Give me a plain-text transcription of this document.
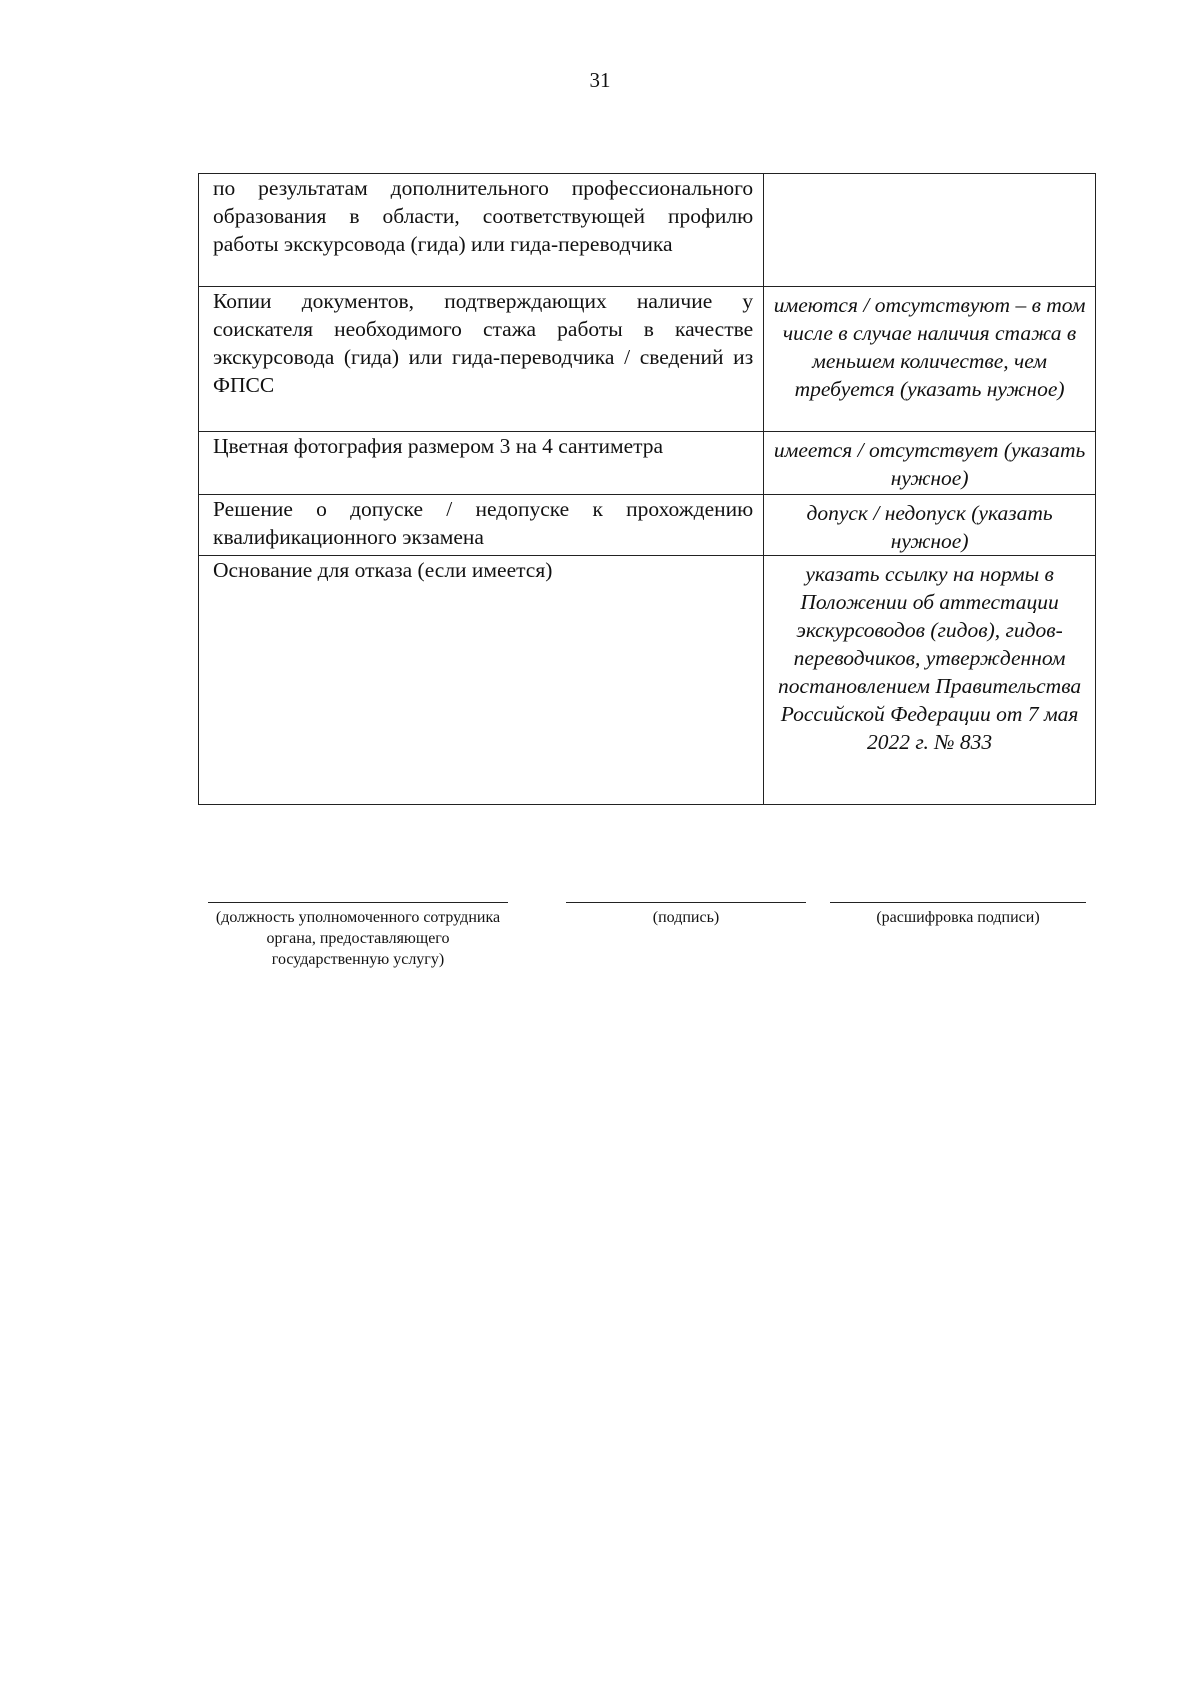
31
по результатам дополнительного профессионального образования в области, соответствующей профилю работы экскурсовода (гида) или гида-переводчика	
Копии документов, подтверждающих наличие у соискателя необходимого стажа работы в качестве экскурсовода (гида) или гида-переводчика / сведений из ФПСС	имеются / отсутствуют – в том числе в случае наличия стажа в меньшем количестве, чем требуется (указать нужное)
Цветная фотография размером 3 на 4 сантиметра	имеется / отсутствует (указать нужное)
Решение о допуске / недопуске к прохождению квалификационного экзамена	допуск / недопуск (указать нужное)
Основание для отказа (если имеется)	указать ссылку на нормы в Положении об аттестации экскурсоводов (гидов), гидов-переводчиков, утвержденном постановлением Правительства Российской Федерации от 7 мая 2022 г. № 833
(должность уполномоченного сотрудника органа, предоставляющего государственную услугу)
(подпись)	(расшифровка подписи)
